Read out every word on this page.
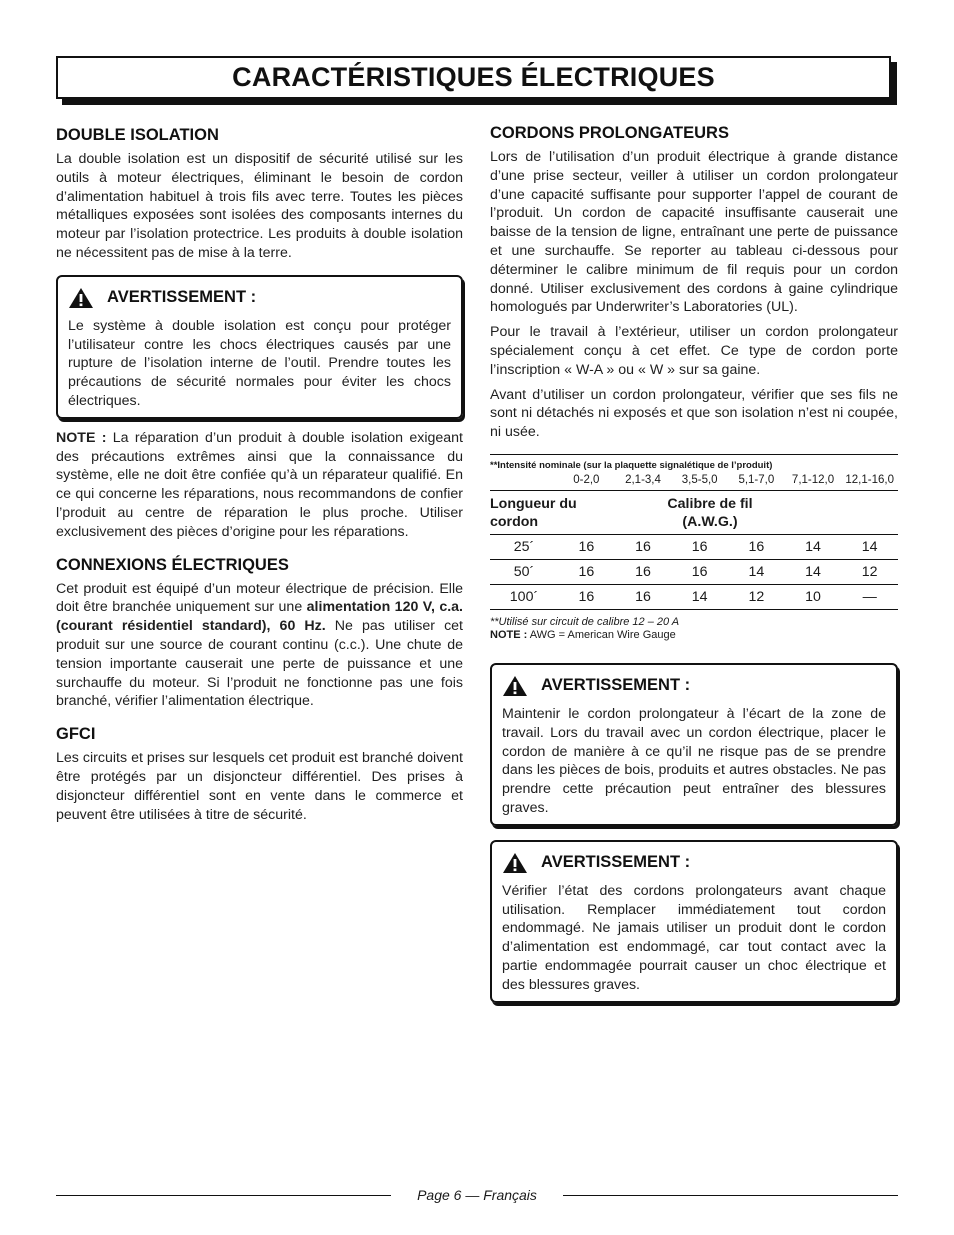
CARACTÉRISTIQUES ÉLECTRIQUES
DOUBLE ISOLATION

La double isolation est un dispositif de sécurité utilisé sur les outils à moteur électriques, éliminant le besoin de cordon d’alimentation habituel à trois fils avec terre. Toutes les pièces métalliques exposées sont isolées des composants internes du moteur par l’isolation protectrice. Les produits à double isolation ne nécessitent pas de mise à la terre.

AVERTISSEMENT :

Le système à double isolation est conçu pour protéger l’utilisateur contre les chocs électriques causés par une rupture de l’isolation interne de l’outil. Prendre toutes les précautions de sécurité normales pour éviter les chocs électriques.

NOTE : La réparation d’un produit à double isolation exigeant des précautions extrêmes ainsi que la connaissance du système, elle ne doit être confiée qu’à un réparateur qualifié. En ce qui concerne les réparations, nous recommandons de confier l’produit au centre de réparation le plus proche. Utiliser exclusivement des pièces d’origine pour les réparations.

CONNEXIONS ÉLECTRIQUES

Cet produit est équipé d’un moteur électrique de précision. Elle doit être branchée uniquement sur une alimentation 120 V, c.a. (courant résidentiel standard), 60 Hz. Ne pas utiliser cet produit sur une source de courant continu (c.c.). Une chute de tension importante causerait une perte de puissance et une surchauffe du moteur. Si l’produit ne fonctionne pas une fois branché, vérifier l’alimentation électrique.

GFCI

Les circuits et prises sur lesquels cet produit est branché doivent être protégés par un disjoncteur différentiel. Des prises à disjoncteur différentiel sont en vente dans le commerce et peuvent être utilisées à titre de sécurité.

CORDONS PROLONGATEURS

Lors de l’utilisation d’un produit électrique à grande distance d’une prise secteur, veiller à utiliser un cordon prolongateur d’une capacité suffisante pour supporter l’appel de courant de l’produit. Un cordon de capacité insuffisante causerait une baisse de la tension de ligne, entraînant une perte de puissance et une surchauffe. Se reporter au tableau ci-dessous pour déterminer le calibre minimum de fil requis pour un cordon donné. Utiliser exclusivement des cordons à gaine cylindrique homologués par Underwriter’s Laboratories (UL).

Pour le travail à l’extérieur, utiliser un cordon prolongateur spécialement conçu à cet effet. Ce type de cordon porte l’inscription « W-A » ou « W » sur sa gaine.

Avant d’utiliser un cordon prolongateur, vérifier que ses fils ne sont ni détachés ni exposés et que son isolation n’est ni coupée, ni usée.

**Intensité nominale (sur la plaquette signalétique de l’produit)
0-2,0	2,1-3,4	3,5-5,0	5,1-7,0	7,1-12,0 12,1-16,0
Longueur du cordon
Calibre de fil (A.W.G.)
25´	16	16	16	16	14	14
50´	16	16	16	14	14	12
100´	16	16	14	12	10	—
**Utilisé sur circuit de calibre 12 – 20 A
NOTE : AWG = American Wire Gauge
AVERTISSEMENT :

Maintenir le cordon prolongateur à l’écart de la zone de travail. Lors du travail avec un cordon électrique, placer le cordon de manière à ce qu’il ne risque pas de se prendre dans les pièces de bois, produits et autres obstacles. Ne pas prendre cette précaution peut entraîner des blessures graves.

AVERTISSEMENT :

Vérifier l’état des cordons prolongateurs avant chaque utilisation. Remplacer immédiatement tout cordon endommagé. Ne jamais utiliser un produit dont le cordon d’alimentation est endommagé, car tout contact avec la partie endommagée pourrait causer un choc électrique et des blessures graves.

Page 6 — Français
